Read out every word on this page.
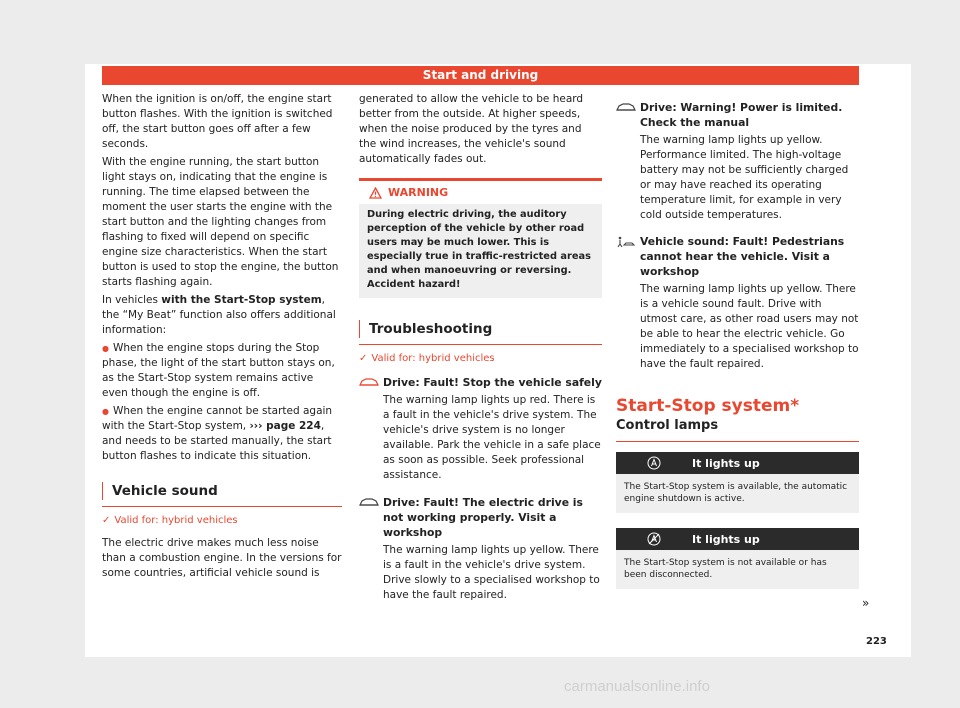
Start and driving

When the ignition is on/off, the engine start button flashes. With the ignition is switched off, the start button goes off after a few seconds.

With the engine running, the start button light stays on, indicating that the engine is running. The time elapsed between the moment the user starts the engine with the start button and the lighting changes from flashing to fixed will depend on specific engine size characteristics. When the start button is used to stop the engine, the button starts flashing again.

In vehicles with the Start-Stop system, the “My Beat” function also offers additional information:

● When the engine stops during the Stop phase, the light of the start button stays on, as the Start-Stop system remains active even though the engine is off.

● When the engine cannot be started again with the Start-Stop system, ››› page 224, and needs to be started manually, the start button flashes to indicate this situation.

Vehicle sound
✓ Valid for: hybrid vehicles

The electric drive makes much less noise than a combustion engine. In the versions for some countries, artificial vehicle sound is

generated to allow the vehicle to be heard better from the outside. At higher speeds, when the noise produced by the tyres and the wind increases, the vehicle's sound automatically fades out.

WARNING
During electric driving, the auditory perception of the vehicle by other road users may be much lower. This is especially true in traffic-restricted areas and when manoeuvring or reversing. Accident hazard!
Troubleshooting
✓ Valid for: hybrid vehicles
Drive: Fault! Stop the vehicle safely

The warning lamp lights up red. There is a fault in the vehicle's drive system. The vehicle's drive system is no longer available. Park the vehicle in a safe place as soon as possible. Seek professional assistance.

Drive: Fault! The electric drive is not working properly. Visit a workshop

The warning lamp lights up yellow. There is a fault in the vehicle's drive system. Drive slowly to a specialised workshop to have the fault repaired.

Drive: Warning! Power is limited. Check the manual

The warning lamp lights up yellow. Performance limited. The high-voltage battery may not be sufficiently charged or may have reached its operating temperature limit, for example in very cold outside temperatures.

Vehicle sound: Fault! Pedestrians cannot hear the vehicle. Visit a workshop

The warning lamp lights up yellow. There is a vehicle sound fault. Drive with utmost care, as other road users may not be able to hear the electric vehicle. Go immediately to a specialised workshop to have the fault repaired.

Start-Stop system*
Control lamps
It lights up
The Start-Stop system is available, the automatic engine shutdown is active.
It lights up
The Start-Stop system is not available or has been disconnected.
»
223
carmanualsonline.info
